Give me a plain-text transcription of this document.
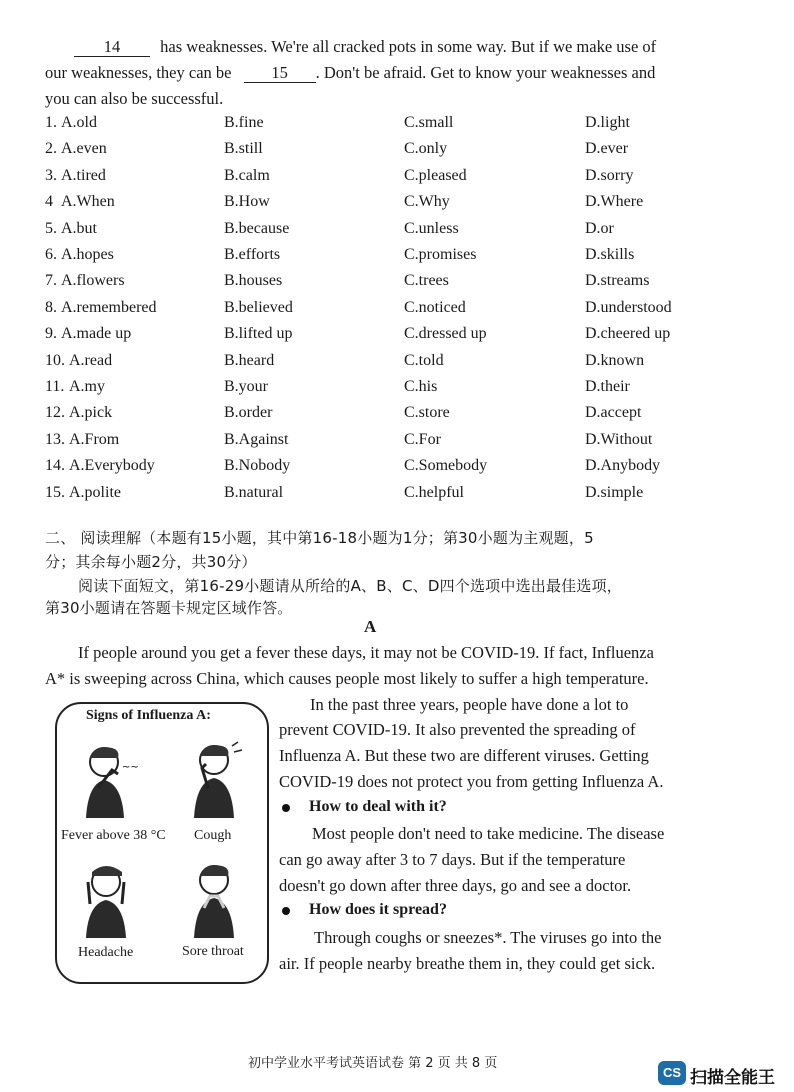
14 has weaknesses. We're all cracked pots in some way. But if we make use of
our weaknesses, they can be 15 . Don't be afraid. Get to know your weaknesses and
you can also be successful.
1. A.old	B.fine	C.small	D.light
2. A.even	B.still	C.only	D.ever
3. A.tired	B.calm	C.pleased	D.sorry
4 A.When	B.How	C.Why	D.Where
5. A.but	B.because	C.unless	D.or
6. A.hopes	B.efforts	C.promises	D.skills
7. A.flowers	B.houses	C.trees	D.streams
8. A.remembered	B.believed	C.noticed	D.understood
9. A.made up	B.lifted up	C.dressed up	D.cheered up
10. A.read	B.heard	C.told	D.known
11. A.my	B.your	C.his	D.their
12. A.pick	B.order	C.store	D.accept
13. A.From	B.Against	C.For	D.Without
14. A.Everybody	B.Nobody	C.Somebody	D.Anybody
15. A.polite	B.natural	C.helpful	D.simple
二、 阅读理解（本题有15小题，其中第16-18小题为1分；第30小题为主观题，5
分；其余每小题2分，共30分）
阅读下面短文，第16-29小题请从所给的A、B、C、D四个选项中选出最佳选项，
第30小题请在答题卡规定区域作答。
A
If people around you get a fever these days, it may not be COVID-19. If fact, Influenza
A* is sweeping across China, which causes people most likely to suffer a high temperature.
Signs of Influenza A:
~~
Fever above 38 °C Cough
Headache	Sore throat
In the past three years, people have done a lot to
prevent COVID-19. It also prevented the spreading of
Influenza A. But these two are different viruses. Getting
COVID-19 does not protect you from getting Influenza A.
How to deal with it?
Most people don't need to take medicine. The disease
can go away after 3 to 7 days. But if the temperature
doesn't go down after three days, go and see a doctor.
How does it spread?
Through coughs or sneezes*. The viruses go into the
air. If people nearby breathe them in, they could get sick.
初中学业水平考试英语试卷 第 2 页 共 8 页
CS 扫描全能王
